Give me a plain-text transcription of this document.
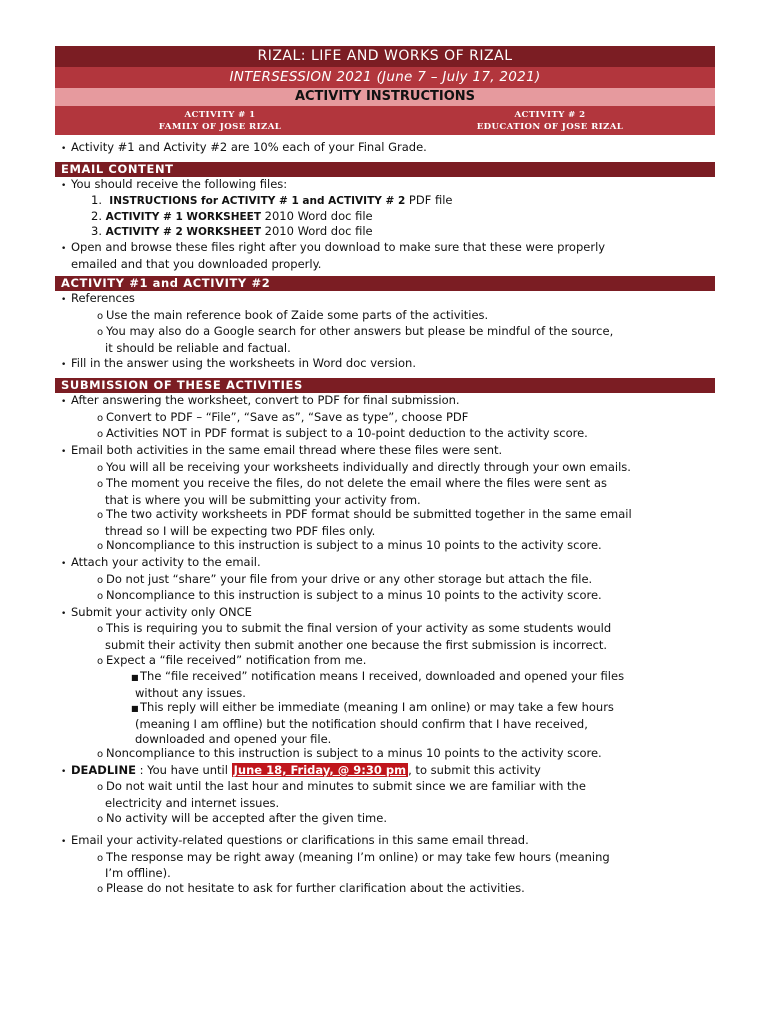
RIZAL: LIFE AND WORKS OF RIZAL
INTERSESSION 2021 (June 7 – July 17, 2021)
ACTIVITY INSTRUCTIONS
ACTIVITY # 1
FAMILY OF JOSE RIZAL
ACTIVITY # 2
EDUCATION OF JOSE RIZAL
• Activity #1 and Activity #2 are 10% each of your Final Grade.
EMAIL CONTENT
• You should receive the following files:
1. INSTRUCTIONS for ACTIVITY # 1 and ACTIVITY # 2 PDF file
2. ACTIVITY # 1 WORKSHEET 2010 Word doc file
3. ACTIVITY # 2 WORKSHEET 2010 Word doc file
• Open and browse these files right after you download to make sure that these were properly
emailed and that you downloaded properly.
ACTIVITY #1 and ACTIVITY #2
• References
o Use the main reference book of Zaide some parts of the activities.
o You may also do a Google search for other answers but please be mindful of the source,
it should be reliable and factual.
• Fill in the answer using the worksheets in Word doc version.
SUBMISSION OF THESE ACTIVITIES
• After answering the worksheet, convert to PDF for final submission.
o Convert to PDF – “File”, “Save as”, “Save as type”, choose PDF
o Activities NOT in PDF format is subject to a 10-point deduction to the activity score.
• Email both activities in the same email thread where these files were sent.
o You will all be receiving your worksheets individually and directly through your own emails.
o The moment you receive the files, do not delete the email where the files were sent as
that is where you will be submitting your activity from.
o The two activity worksheets in PDF format should be submitted together in the same email
thread so I will be expecting two PDF files only.
o Noncompliance to this instruction is subject to a minus 10 points to the activity score.
• Attach your activity to the email.
o Do not just “share” your file from your drive or any other storage but attach the file.
o Noncompliance to this instruction is subject to a minus 10 points to the activity score.
• Submit your activity only ONCE
o This is requiring you to submit the final version of your activity as some students would
submit their activity then submit another one because the first submission is incorrect.
o Expect a “file received” notification from me.
■The “file received” notification means I received, downloaded and opened your files
without any issues.
■This reply will either be immediate (meaning I am online) or may take a few hours
(meaning I am offline) but the notification should confirm that I have received,
downloaded and opened your file.
o Noncompliance to this instruction is subject to a minus 10 points to the activity score.
• DEADLINE : You have until June 18, Friday, @ 9:30 pm , to submit this activity
o Do not wait until the last hour and minutes to submit since we are familiar with the
electricity and internet issues.
o No activity will be accepted after the given time.
• Email your activity-related questions or clarifications in this same email thread.
o The response may be right away (meaning I’m online) or may take few hours (meaning
I’m offline).
o Please do not hesitate to ask for further clarification about the activities.
